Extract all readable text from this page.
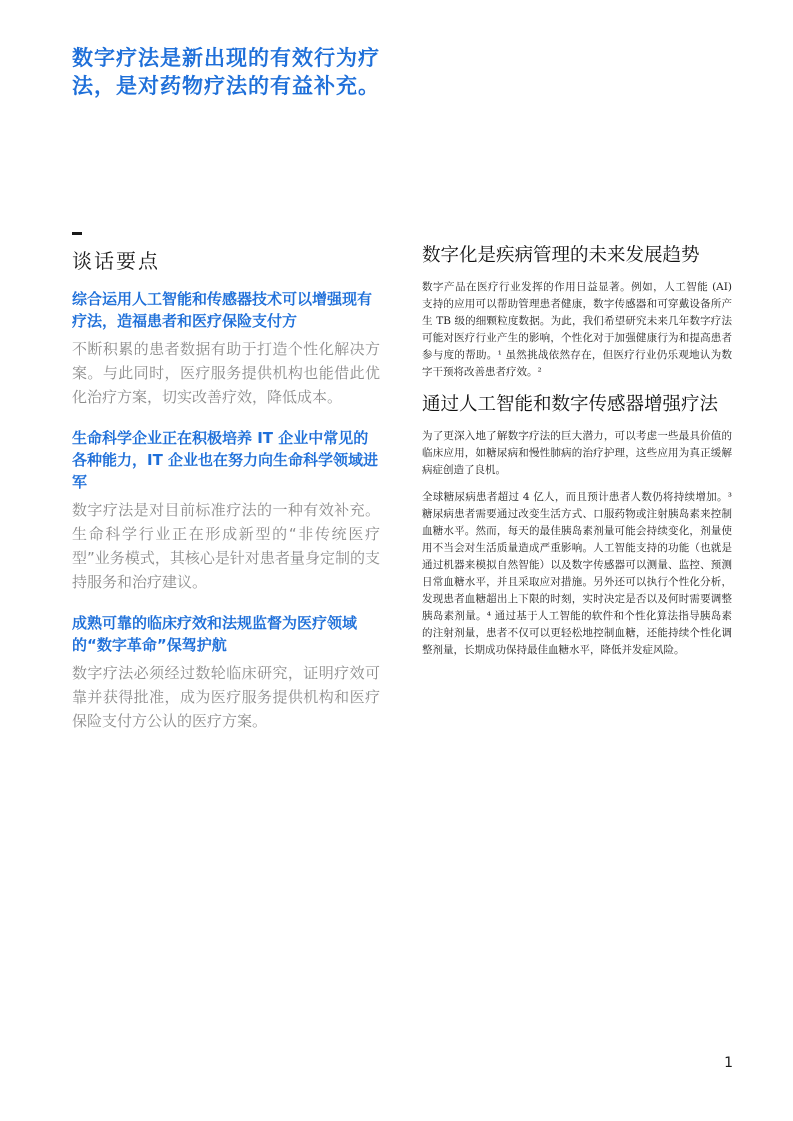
数字疗法是新出现的有效行为疗法，是对药物疗法的有益补充。
谈话要点

综合运用人工智能和传感器技术可以增强现有疗法，造福患者和医疗保险支付方

不断积累的患者数据有助于打造个性化解决方案。与此同时，医疗服务提供机构也能借此优化治疗方案，切实改善疗效，降低成本。

生命科学企业正在积极培养 IT 企业中常见的各种能力，IT 企业也在努力向生命科学领域进军

数字疗法是对目前标准疗法的一种有效补充。生命科学行业正在形成新型的“非传统医疗型”业务模式，其核心是针对患者量身定制的支持服务和治疗建议。

成熟可靠的临床疗效和法规监督为医疗领域的“数字革命”保驾护航

数字疗法必须经过数轮临床研究，证明疗效可靠并获得批准，成为医疗服务提供机构和医疗保险支付方公认的医疗方案。

数字化是疾病管理的未来发展趋势

数字产品在医疗行业发挥的作用日益显著。例如，人工智能 (AI) 支持的应用可以帮助管理患者健康，数字传感器和可穿戴设备所产生 TB 级的细颗粒度数据。为此，我们希望研究未来几年数字疗法可能对医疗行业产生的影响，个性化对于加强健康行为和提高患者参与度的帮助。¹ 虽然挑战依然存在，但医疗行业仍乐观地认为数字干预将改善患者疗效。²

通过人工智能和数字传感器增强疗法

为了更深入地了解数字疗法的巨大潜力，可以考虑一些最具价值的临床应用，如糖尿病和慢性肺病的治疗护理，这些应用为真正缓解病症创造了良机。

全球糖尿病患者超过 4 亿人，而且预计患者人数仍将持续增加。³ 糖尿病患者需要通过改变生活方式、口服药物或注射胰岛素来控制血糖水平。然而，每天的最佳胰岛素剂量可能会持续变化，剂量使用不当会对生活质量造成严重影响。人工智能支持的功能（也就是通过机器来模拟自然智能）以及数字传感器可以测量、监控、预测日常血糖水平，并且采取应对措施。另外还可以执行个性化分析，发现患者血糖超出上下限的时刻，实时决定是否以及何时需要调整胰岛素剂量。⁴ 通过基于人工智能的软件和个性化算法指导胰岛素的注射剂量，患者不仅可以更轻松地控制血糖，还能持续个性化调整剂量，长期成功保持最佳血糖水平，降低并发症风险。

1
